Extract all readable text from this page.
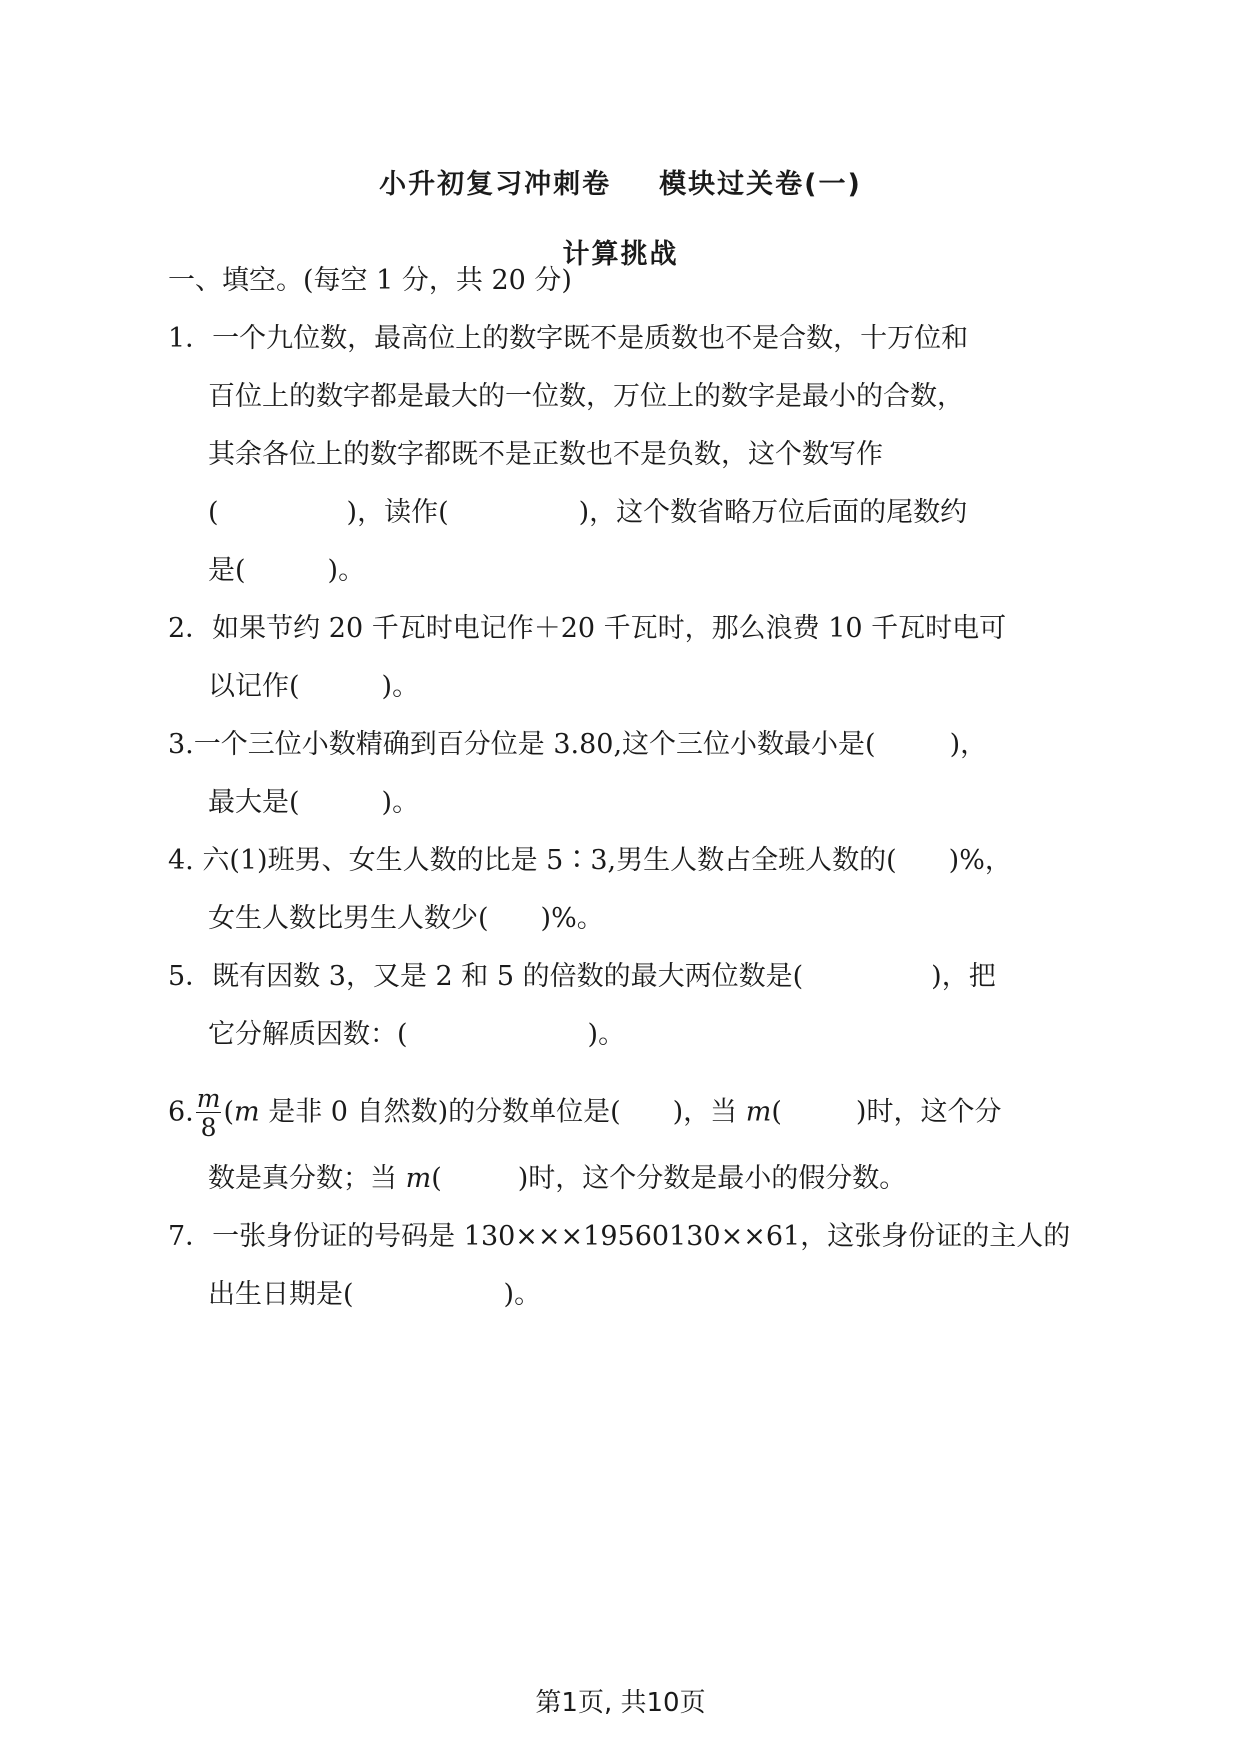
小升初复习冲刺卷 模块过关卷(一)
计算挑战
一、填空。(每空 1 分，共 20 分)
1．一个九位数，最高位上的数字既不是质数也不是合数，十万位和
百位上的数字都是最大的一位数，万位上的数字是最小的合数，
其余各位上的数字都既不是正数也不是负数，这个数写作
(	)，读作(	)，这个数省略万位后面的尾数约
是(	)。
2．如果节约 20 千瓦时电记作＋20 千瓦时，那么浪费 10 千瓦时电可
以记作(	)。
3.一个三位小数精确到百分位是 3.80,这个三位小数最小是(	)，
最大是(	)。
4. 六(1)班男、女生人数的比是 5∶3,男生人数占全班人数的( )%，
女生人数比男生人数少( )%。
5．既有因数 3，又是 2 和 5 的倍数的最大两位数是(	)，把
它分解质因数：(	)。
6. $\frac{m}{8} (m$ 是非 0 自然数)的分数单位是( )，当 m(	)时，这个分
数是真分数；当 m(	)时，这个分数是最小的假分数。
7．一张身份证的号码是 130×××19560130××61，这张身份证的主人的
出生日期是(	)。
第1页, 共10页
